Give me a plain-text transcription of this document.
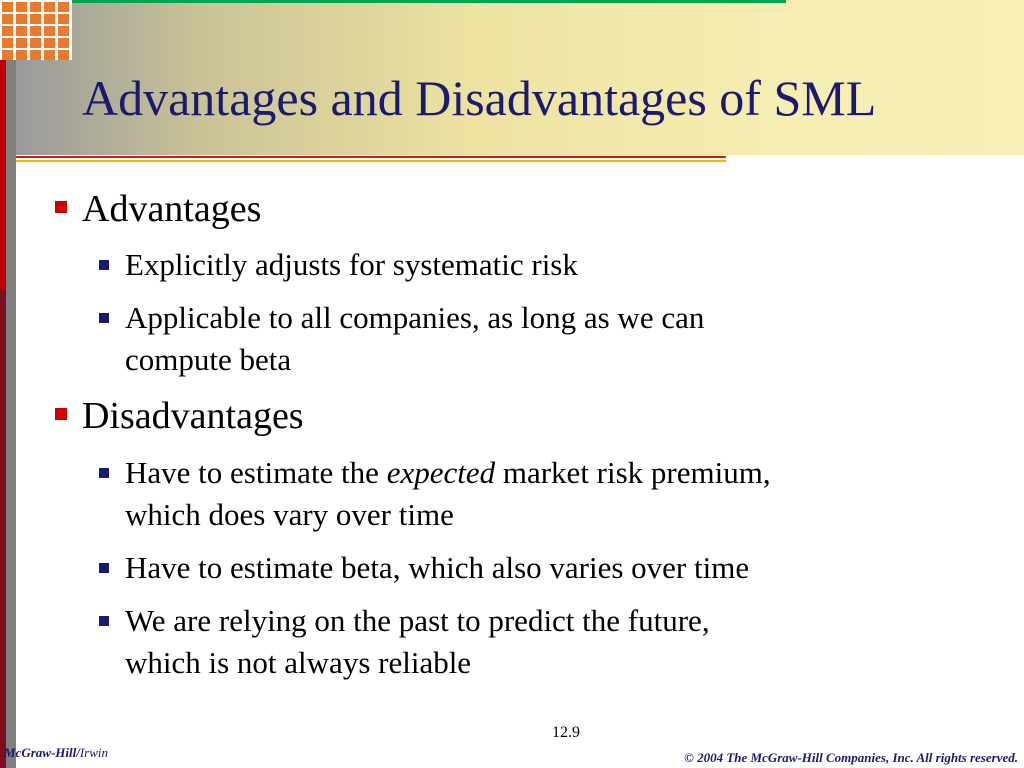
Advantages and Disadvantages of SML
Advantages
Explicitly adjusts for systematic risk
Applicable to all companies, as long as we can
compute beta
Disadvantages
Have to estimate the expected market risk premium,
which does vary over time
Have to estimate beta, which also varies over time
We are relying on the past to predict the future,
which is not always reliable
12.9
McGraw-Hill/Irwin	© 2004 The McGraw-Hill Companies, Inc. All rights reserved.
